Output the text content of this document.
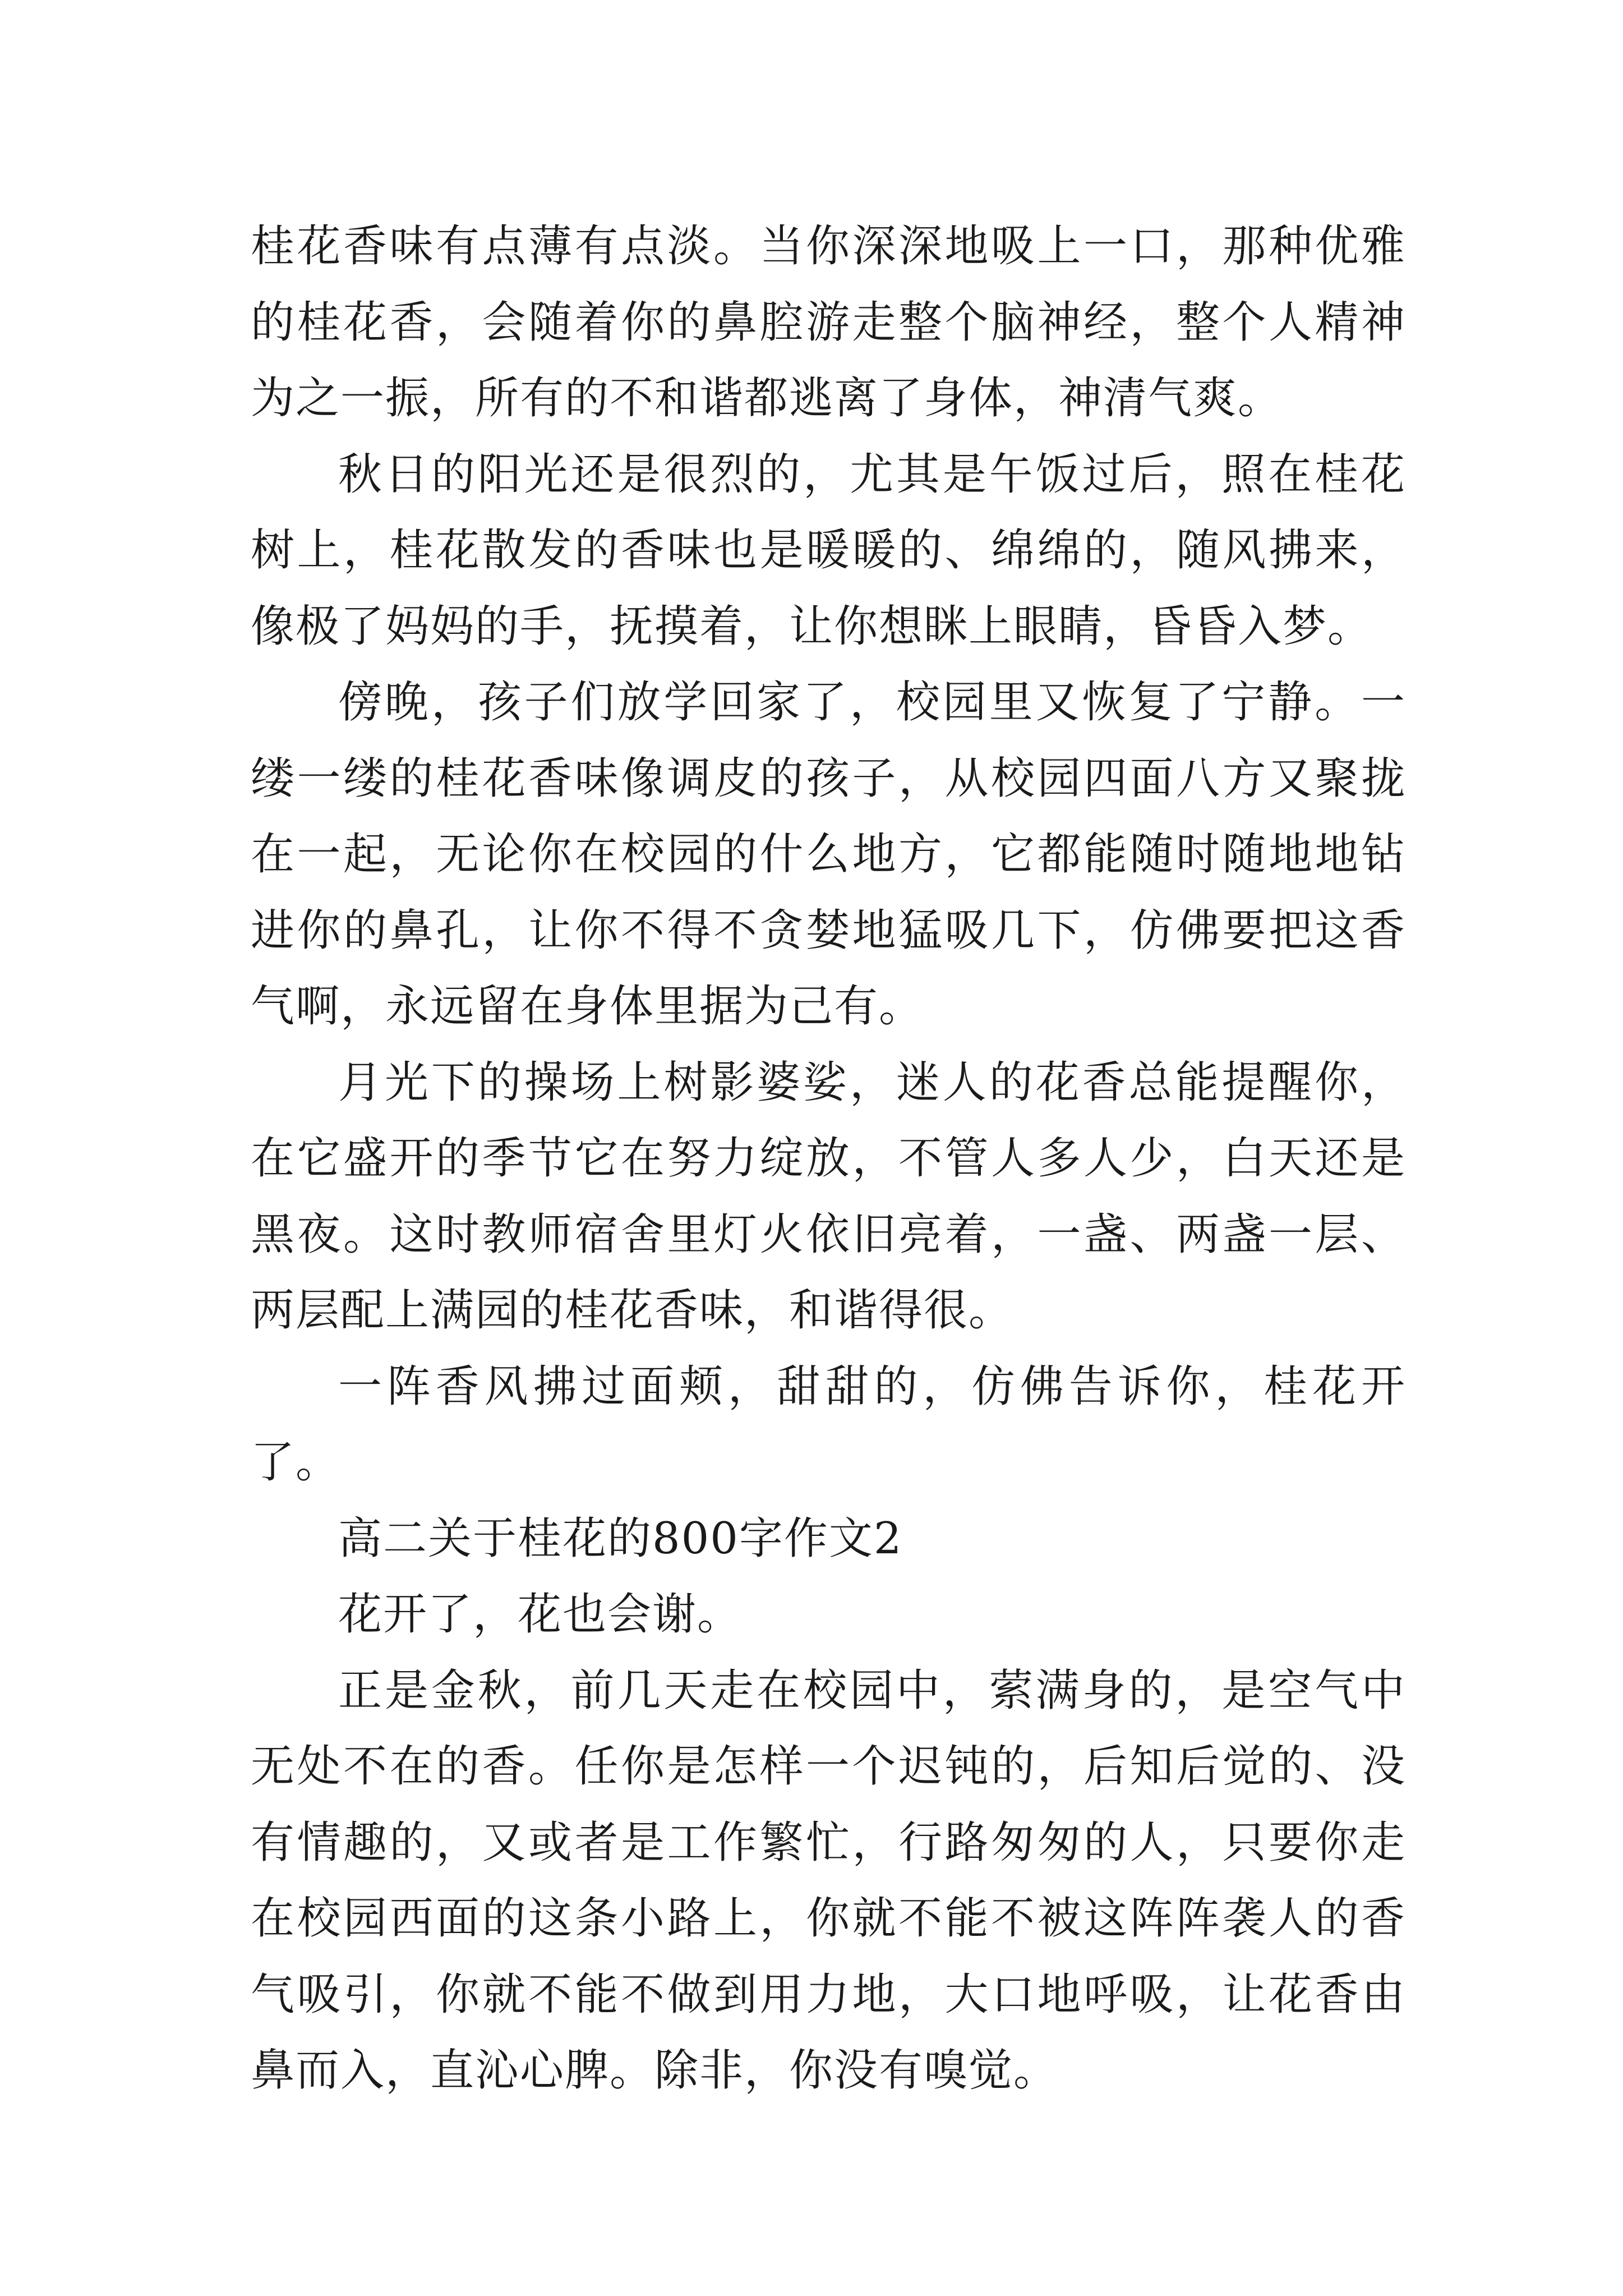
桂花香味有点薄有点淡。当你深深地吸上一口，那种优雅的桂花香，会随着你的鼻腔游走整个脑神经，整个人精神为之一振，所有的不和谐都逃离了身体，神清气爽。

秋日的阳光还是很烈的，尤其是午饭过后，照在桂花树上，桂花散发的香味也是暖暖的、绵绵的，随风拂来，像极了妈妈的手，抚摸着，让你想眯上眼睛，昏昏入梦。

傍晚，孩子们放学回家了，校园里又恢复了宁静。一缕一缕的桂花香味像调皮的孩子，从校园四面八方又聚拢在一起，无论你在校园的什么地方，它都能随时随地地钻进你的鼻孔，让你不得不贪婪地猛吸几下，仿佛要把这香气啊，永远留在身体里据为己有。

月光下的操场上树影婆娑，迷人的花香总能提醒你，在它盛开的季节它在努力绽放，不管人多人少，白天还是黑夜。这时教师宿舍里灯火依旧亮着，一盏、两盏一层、两层配上满园的桂花香味，和谐得很。

一阵香风拂过面颊，甜甜的，仿佛告诉你，桂花开了。

高二关于桂花的800字作文2

花开了，花也会谢。

正是金秋，前几天走在校园中，萦满身的，是空气中无处不在的香。任你是怎样一个迟钝的，后知后觉的、没有情趣的，又或者是工作繁忙，行路匆匆的人，只要你走在校园西面的这条小路上，你就不能不被这阵阵袭人的香气吸引，你就不能不做到用力地，大口地呼吸，让花香由鼻而入，直沁心脾。除非，你没有嗅觉。
